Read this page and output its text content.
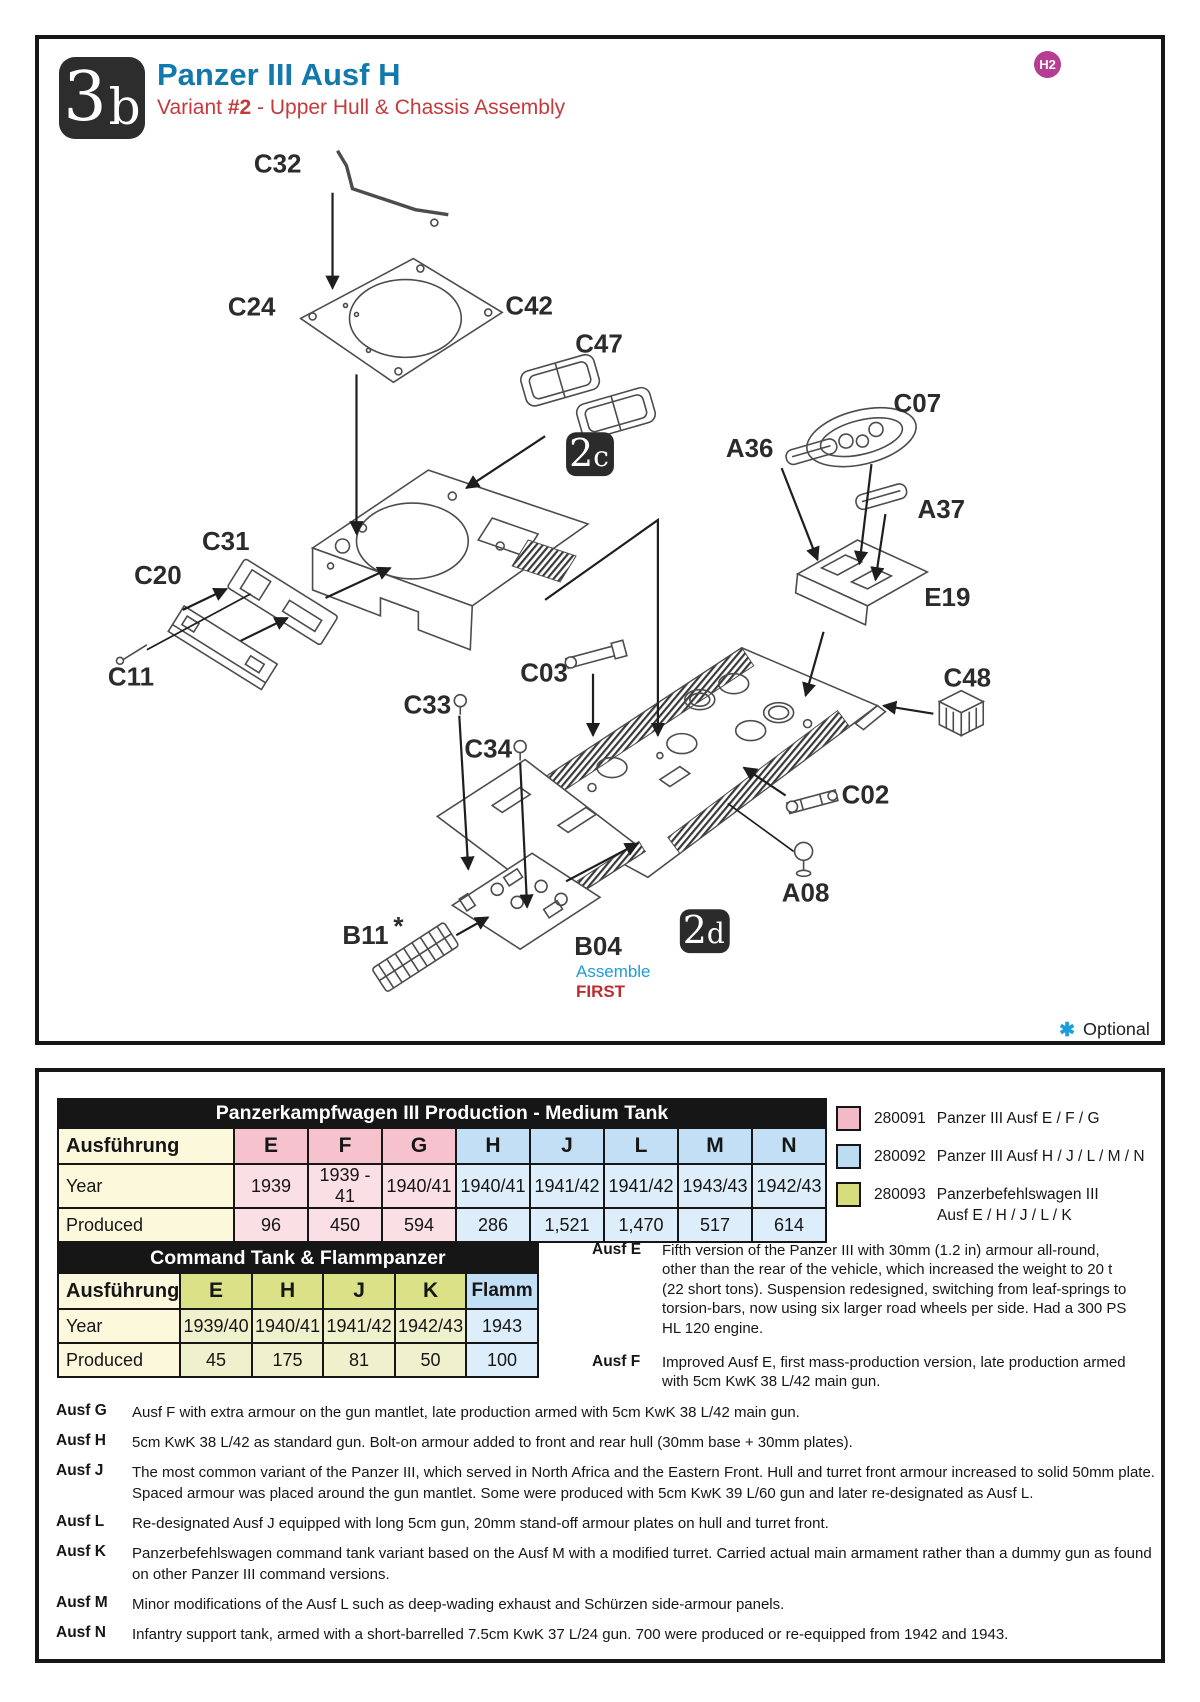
C32
C24	C42
C47
A36
C07
A37
E19
C31
C20
C11
C33
C34
C03	C48
C02
A08
B11 *
B04
2c
2d
Assemble
FIRST
✱ Optional
3 b
Panzer III Ausf H
Variant #2 - Upper Hull & Chassis Assembly
H2
Panzerkampfwagen III Production - Medium Tank								
Ausführung	E	F	G	H	J	L	M	N
Year	1939	1939 - 41	1940/41	1940/41	1941/42	1941/42	1943/43	1942/43
Produced	96	450	594	286	1,521	1,470	517	614
Command Tank & Flammpanzer					
Ausführung	E	H	J	K	Flamm
Year	1939/40	1940/41	1941/42	1942/43	1943
Produced	45	175	81	50	100
280091 Panzer III Ausf E / F / G
280092 Panzer III Ausf H / J / L / M / N
280093 Panzerbefehlswagen III
Ausf E / H / J / L / K
Ausf E	Fifth version of the Panzer III with 30mm (1.2 in) armour all-round, other than the rear of the vehicle, which increased the weight to 20 t (22 short tons). Suspension redesigned, switching from leaf-springs to torsion-bars, now using six larger road wheels per side. Had a 300 PS HL 120 engine.
Ausf F	Improved Ausf E, first mass-production version, late production armed with 5cm KwK 38 L/42 main gun.
Ausf G	Ausf F with extra armour on the gun mantlet, late production armed with 5cm KwK 38 L/42 main gun.
Ausf H	5cm KwK 38 L/42 as standard gun. Bolt-on armour added to front and rear hull (30mm base + 30mm plates).
Ausf J	The most common variant of the Panzer III, which served in North Africa and the Eastern Front. Hull and turret front armour increased to solid 50mm plate. Spaced armour was placed around the gun mantlet. Some were produced with 5cm KwK 39 L/60 gun and later re-designated as Ausf L.
Ausf L	Re-designated Ausf J equipped with long 5cm gun, 20mm stand-off armour plates on hull and turret front.
Ausf K	Panzerbefehlswagen command tank variant based on the Ausf M with a modified turret. Carried actual main armament rather than a dummy gun as found on other Panzer III command versions.
Ausf M	Minor modifications of the Ausf L such as deep-wading exhaust and Schürzen side-armour panels.
Ausf N	Infantry support tank, armed with a short-barrelled 7.5cm KwK 37 L/24 gun. 700 were produced or re-equipped from 1942 and 1943.
